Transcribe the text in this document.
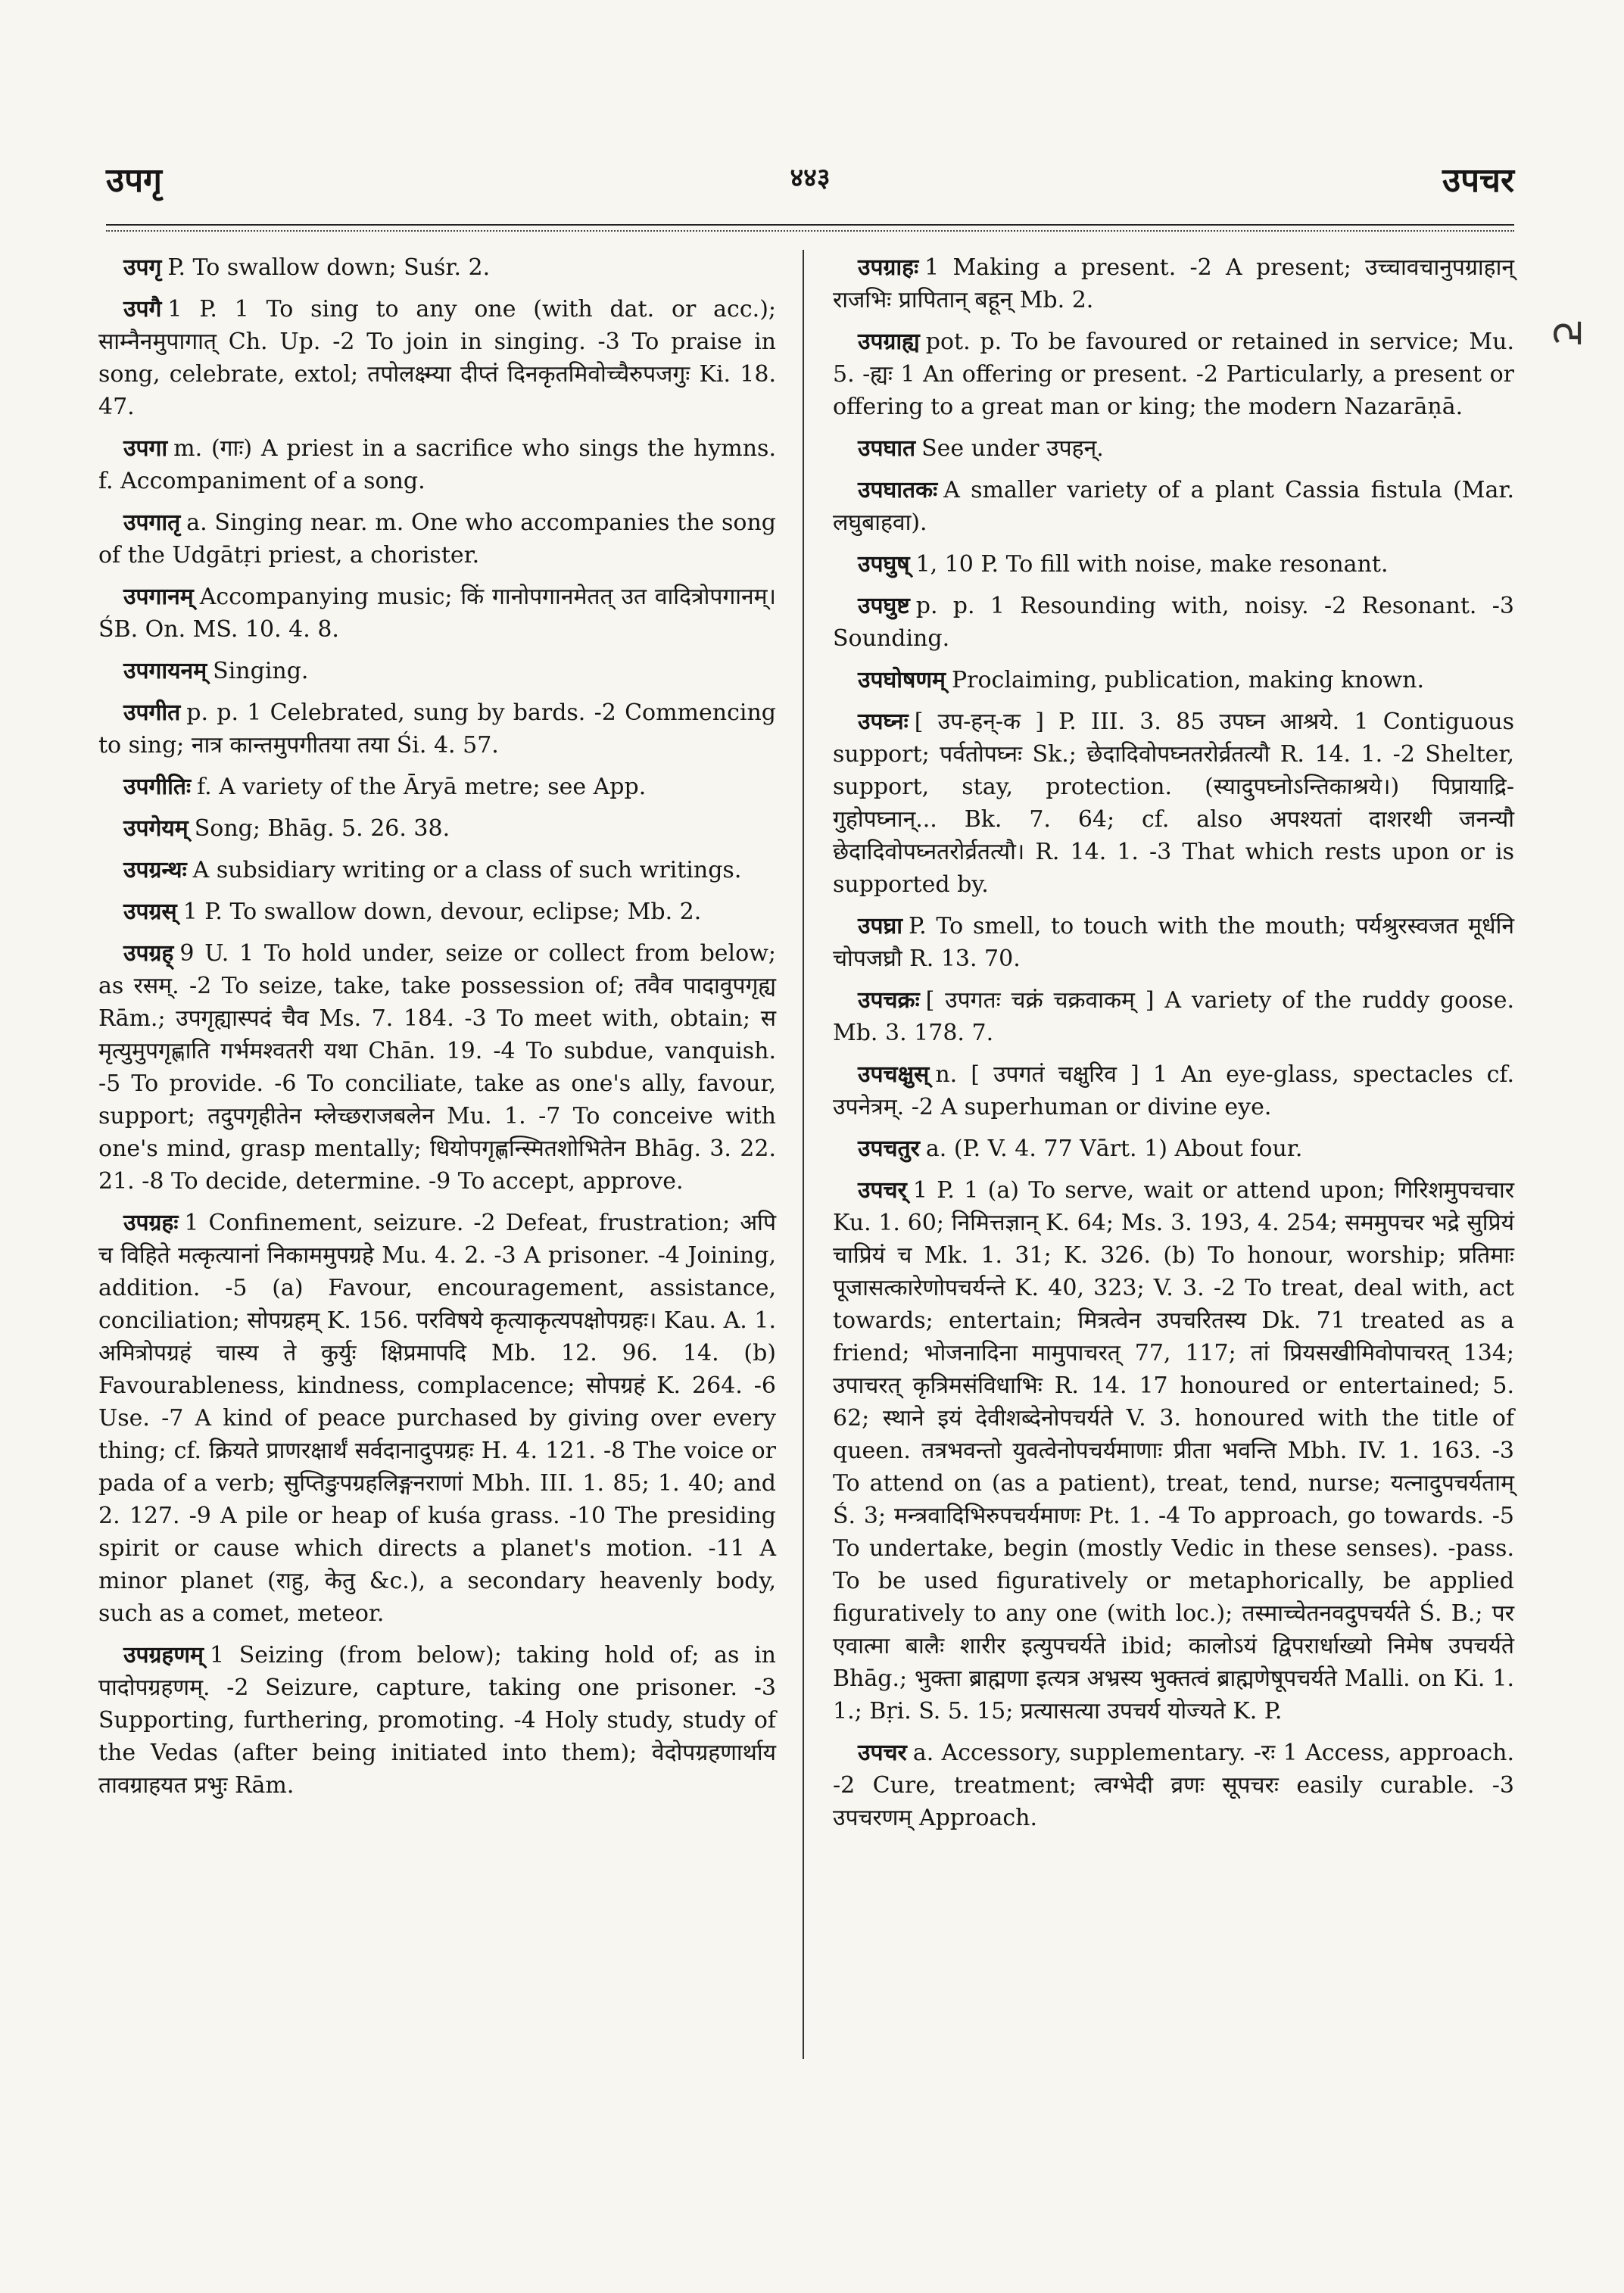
उपगृ	४४३	उपचर
ट

उपगृ P. To swallow down; Suśr. 2.

उपगै 1 P. 1 To sing to any one (with dat. or acc.); साम्नैनमुपागात् Ch. Up. -2 To join in singing. -3 To praise in song, celebrate, extol; तपोलक्ष्म्या दीप्तं दिनकृतमिवोच्चैरुपजगुः Ki. 18. 47.

उपगा m. (गाः) A priest in a sacrifice who sings the hymns. f. Accompaniment of a song.

उपगातृ a. Singing near. m. One who accompanies the song of the Udgātṛi priest, a chorister.

उपगानम् Accompanying music; किं गानोपगानमेतत् उत वादित्रोपगानम्। ŚB. On. MS. 10. 4. 8.

उपगायनम् Singing.

उपगीत p. p. 1 Celebrated, sung by bards. -2 Commencing to sing; नात्र कान्तमुपगीतया तया Śi. 4. 57.

उपगीतिः f. A variety of the Āryā metre; see App.

उपगेयम् Song; Bhāg. 5. 26. 38.

उपग्रन्थः A subsidiary writing or a class of such writings.

उपग्रस् 1 P. To swallow down, devour, eclipse; Mb. 2.

उपग्रह् 9 U. 1 To hold under, seize or collect from below; as रसम्. -2 To seize, take, take possession of; तवैव पादावुपगृह्य Rām.; उपगृह्यास्पदं चैव Ms. 7. 184. -3 To meet with, obtain; स मृत्युमुपगृह्णाति गर्भमश्वतरी यथा Chān. 19. -4 To subdue, vanquish. -5 To provide. -6 To conciliate, take as one's ally, favour, support; तदुपगृहीतेन म्लेच्छराजबलेन Mu. 1. -7 To conceive with one's mind, grasp mentally; धियोपगृह्णन्स्मितशोभितेन Bhāg. 3. 22. 21. -8 To decide, determine. -9 To accept, approve.

उपग्रहः 1 Confinement, seizure. -2 Defeat, frustration; अपि च विहिते मत्कृत्यानां निकाममुपग्रहे Mu. 4. 2. -3 A prisoner. -4 Joining, addition. -5 (a) Favour, encouragement, assistance, conciliation; सोपग्रहम् K. 156. परविषये कृत्याकृत्यपक्षोपग्रहः। Kau. A. 1. अमित्रोपग्रहं चास्य ते कुर्युः क्षिप्रमापदि Mb. 12. 96. 14. (b) Favourableness, kindness, complacence; सोपग्रहं K. 264. -6 Use. -7 A kind of peace purchased by giving over every thing; cf. क्रियते प्राणरक्षार्थं सर्वदानादुपग्रहः H. 4. 121. -8 The voice or pada of a verb; सुप्तिङुपग्रहलिङ्गनराणां Mbh. III. 1. 85; 1. 40; and 2. 127. -9 A pile or heap of kuśa grass. -10 The presiding spirit or cause which directs a planet's motion. -11 A minor planet (राहु, केतु &c.), a secondary heavenly body, such as a comet, meteor.

उपग्रहणम् 1 Seizing (from below); taking hold of; as in पादोपग्रहणम्. -2 Seizure, capture, taking one prisoner. -3 Supporting, furthering, promoting. -4 Holy study, study of the Vedas (after being initiated into them); वेदोपग्रहणार्थाय तावग्राहयत प्रभुः Rām.

उपग्राहः 1 Making a present. -2 A present; उच्चावचानुपग्राहान् राजभिः प्रापितान् बहून् Mb. 2.

उपग्राह्य pot. p. To be favoured or retained in service; Mu. 5. -ह्यः 1 An offering or present. -2 Particularly, a present or offering to a great man or king; the modern Nazarāṇā.

उपघात See under उपहन्.

उपघातकः A smaller variety of a plant Cassia fistula (Mar. लघुबाहवा).

उपघुष् 1, 10 P. To fill with noise, make resonant.

उपघुष्ट p. p. 1 Resounding with, noisy. -2 Resonant. -3 Sounding.

उपघोषणम् Proclaiming, publication, making known.

उपघ्नः [ उप-हन्-क ] P. III. 3. 85 उपघ्न आश्रये. 1 Contiguous support; पर्वतोपघ्नः Sk.; छेदादिवोपघ्नतरोर्व्रतत्यौ R. 14. 1. -2 Shelter, support, stay, protection. (स्यादुपघ्नोऽन्तिकाश्रये।) पिप्रायाद्रि-गुहोपघ्नान्... Bk. 7. 64; cf. also अपश्यतां दाशरथी जनन्यौ छेदादिवोपघ्नतरोर्व्रतत्यौ। R. 14. 1. -3 That which rests upon or is supported by.

उपघ्रा P. To smell, to touch with the mouth; पर्यश्रुरस्वजत मूर्धनि चोपजघ्रौ R. 13. 70.

उपचक्रः [ उपगतः चक्रं चक्रवाकम् ] A variety of the ruddy goose. Mb. 3. 178. 7.

उपचक्षुस् n. [ उपगतं चक्षुरिव ] 1 An eye-glass, spectacles cf. उपनेत्रम्. -2 A superhuman or divine eye.

उपचतुर a. (P. V. 4. 77 Vārt. 1) About four.

उपचर् 1 P. 1 (a) To serve, wait or attend upon; गिरिशमुपचचार Ku. 1. 60; निमित्तज्ञान् K. 64; Ms. 3. 193, 4. 254; सममुपचर भद्रे सुप्रियं चाप्रियं च Mk. 1. 31; K. 326. (b) To honour, worship; प्रतिमाः पूजासत्कारेणोपचर्यन्ते K. 40, 323; V. 3. -2 To treat, deal with, act towards; entertain; मित्रत्वेन उपचरितस्य Dk. 71 treated as a friend; भोजनादिना मामुपाचरत् 77, 117; तां प्रियसखीमिवोपाचरत् 134; उपाचरत् कृत्रिमसंविधाभिः R. 14. 17 honoured or entertained; 5. 62; स्थाने इयं देवीशब्देनोपचर्यते V. 3. honoured with the title of queen. तत्रभवन्तो युवत्वेनोपचर्यमाणाः प्रीता भवन्ति Mbh. IV. 1. 163. -3 To attend on (as a patient), treat, tend, nurse; यत्नादुपचर्यताम् Ś. 3; मन्त्रवादिभिरुपचर्यमाणः Pt. 1. -4 To approach, go towards. -5 To undertake, begin (mostly Vedic in these senses). -pass. To be used figuratively or metaphorically, be applied figuratively to any one (with loc.); तस्माच्चेतनवदुपचर्यते Ś. B.; पर एवात्मा बालैः शारीर इत्युपचर्यते ibid; कालोऽयं द्विपरार्धाख्यो निमेष उपचर्यते Bhāg.; भुक्ता ब्राह्मणा इत्यत्र अभ्रस्य भुक्तत्वं ब्राह्मणेषूपचर्यते Malli. on Ki. 1. 1.; Bṛi. S. 5. 15; प्रत्यासत्या उपचर्य योज्यते K. P.

उपचर a. Accessory, supplementary. -रः 1 Access, approach. -2 Cure, treatment; त्वग्भेदी व्रणः सूपचरः easily curable. -3 उपचरणम् Approach.
